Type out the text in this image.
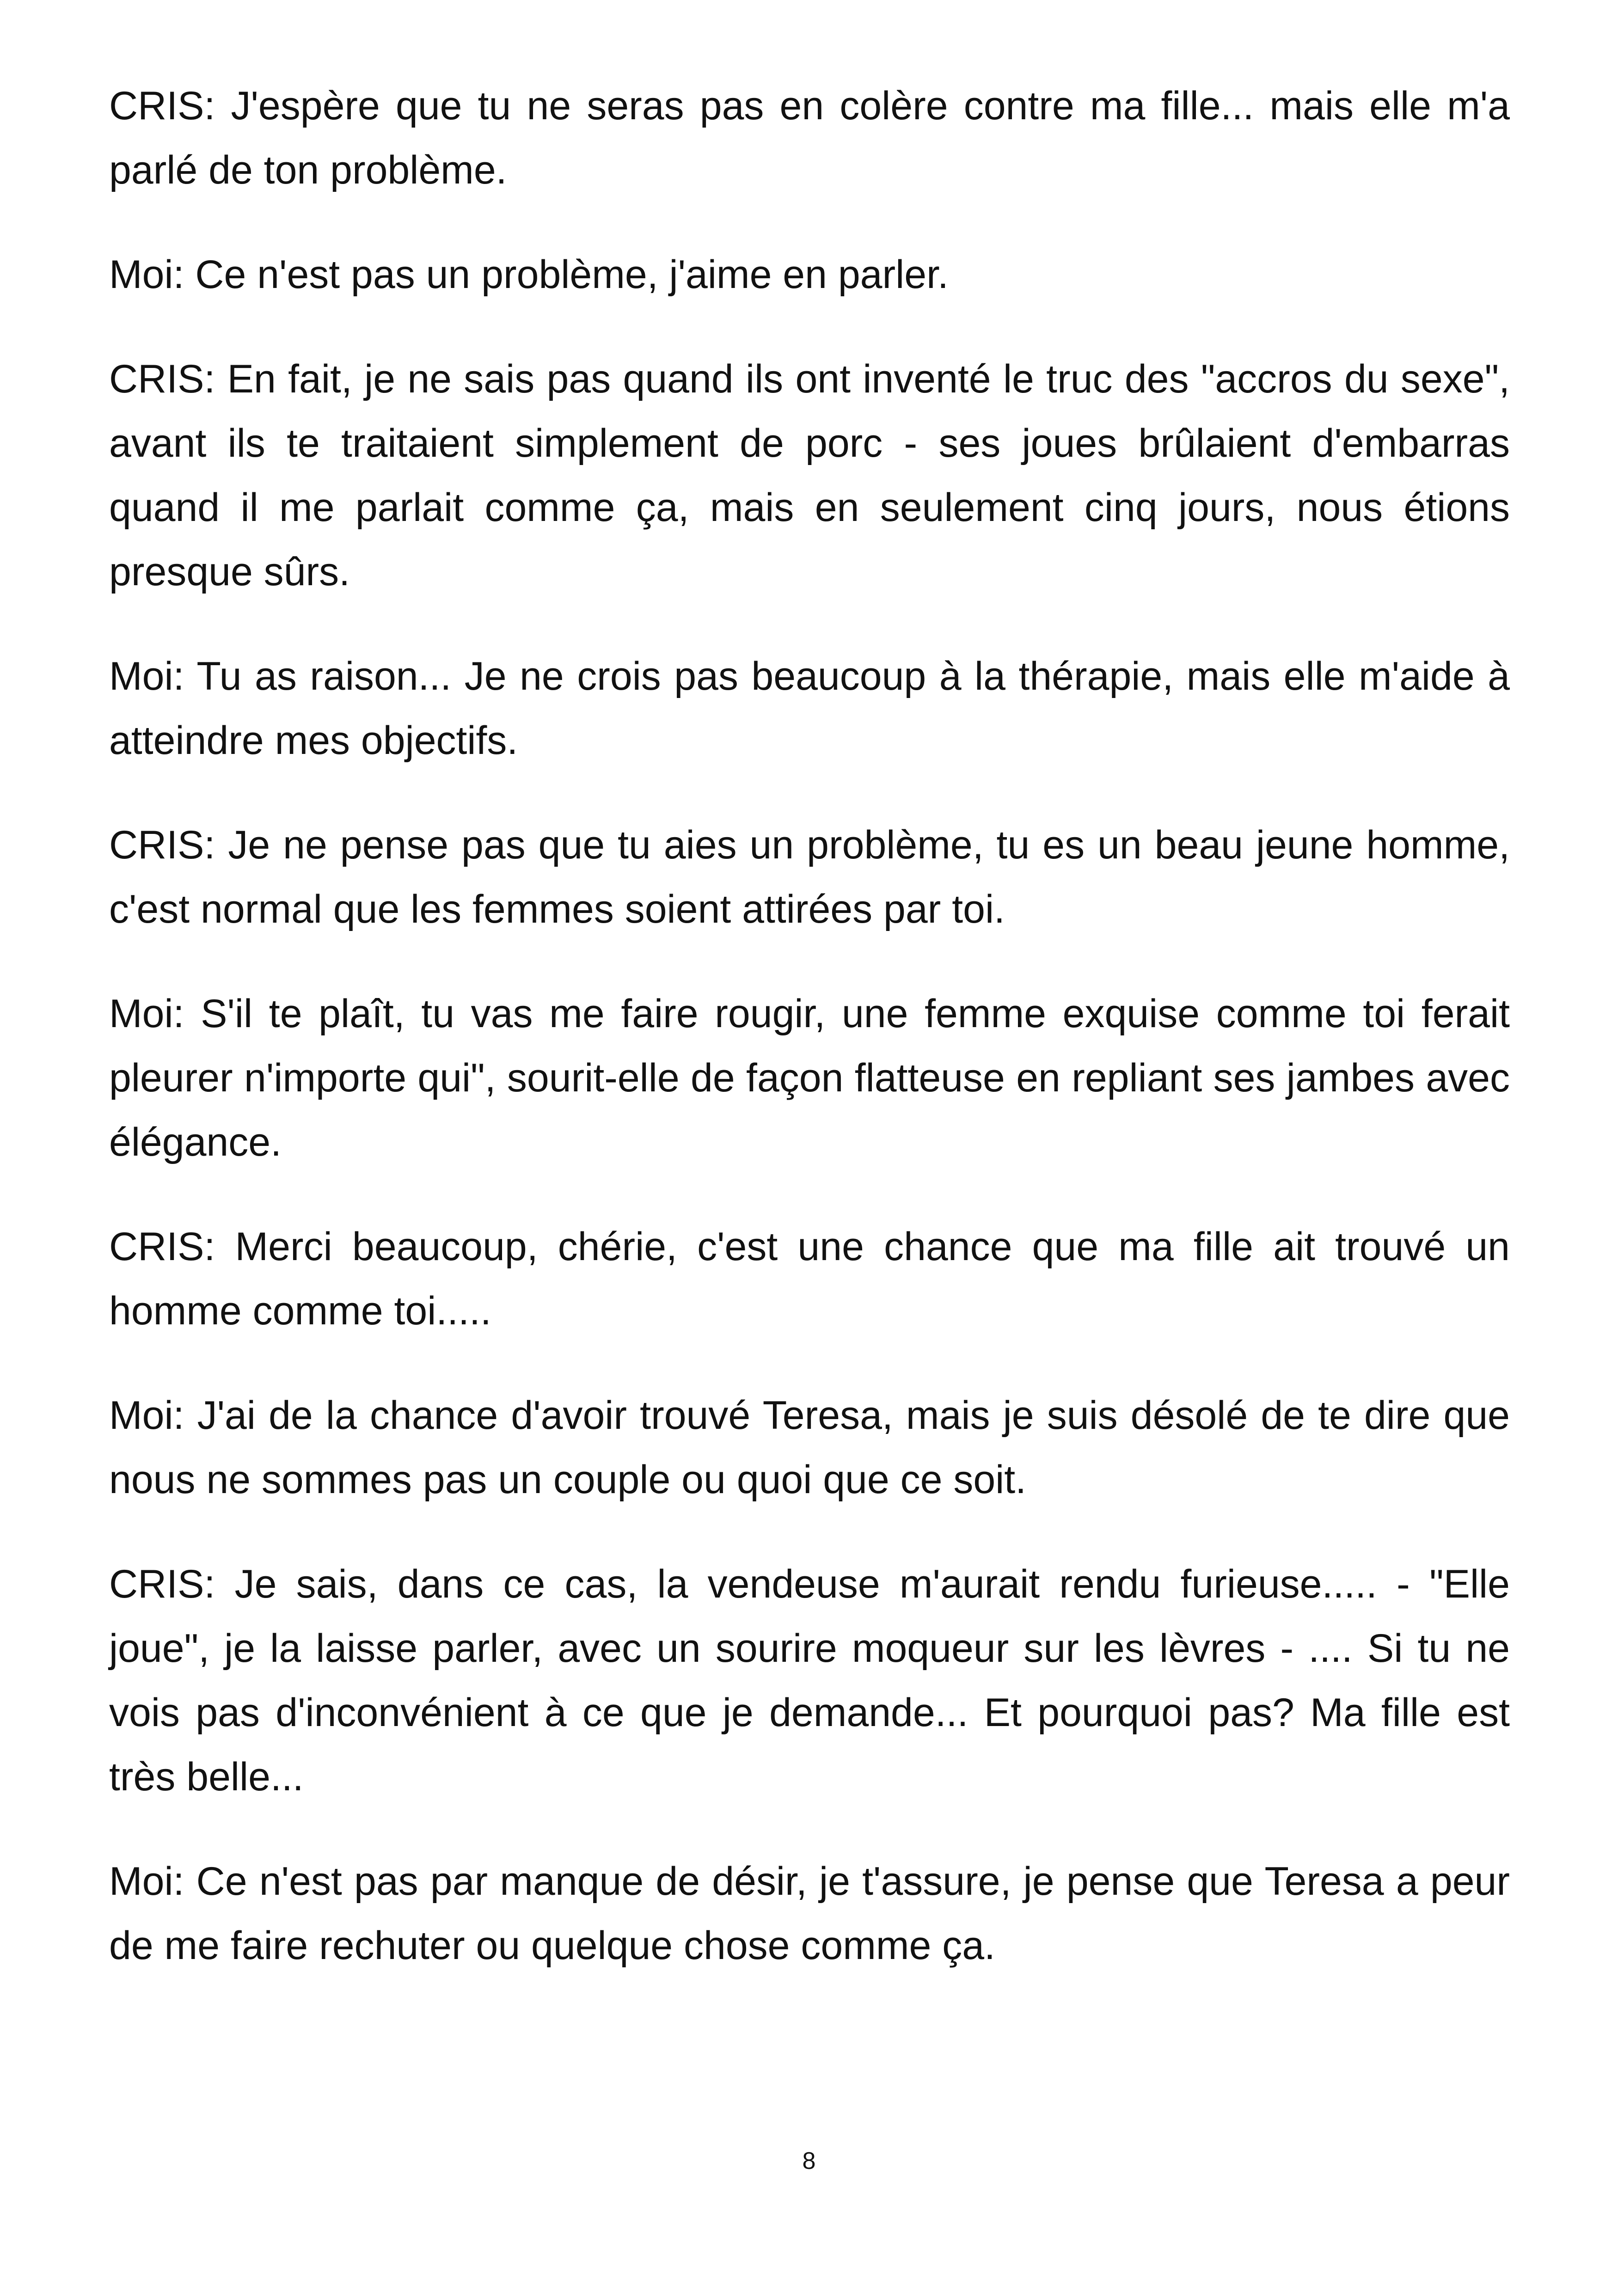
CRIS: J'espère que tu ne seras pas en colère contre ma fille... mais elle m'a parlé de ton problème.

Moi: Ce n'est pas un problème, j'aime en parler.

CRIS: En fait, je ne sais pas quand ils ont inventé le truc des "accros du sexe", avant ils te traitaient simplement de porc - ses joues brûlaient d'embarras quand il me parlait comme ça, mais en seulement cinq jours, nous étions presque sûrs.

Moi: Tu as raison... Je ne crois pas beaucoup à la thérapie, mais elle m'aide à atteindre mes objectifs.

CRIS: Je ne pense pas que tu aies un problème, tu es un beau jeune homme, c'est normal que les femmes soient attirées par toi.

Moi: S'il te plaît, tu vas me faire rougir, une femme exquise comme toi ferait pleurer n'importe qui", sourit-elle de façon flatteuse en repliant ses jambes avec élégance.

CRIS: Merci beaucoup, chérie, c'est une chance que ma fille ait trouvé un homme comme toi.....

Moi: J'ai de la chance d'avoir trouvé Teresa, mais je suis désolé de te dire que nous ne sommes pas un couple ou quoi que ce soit.

CRIS: Je sais, dans ce cas, la vendeuse m'aurait rendu furieuse..... - "Elle joue", je la laisse parler, avec un sourire moqueur sur les lèvres - .... Si tu ne vois pas d'inconvénient à ce que je demande... Et pourquoi pas? Ma fille est très belle...

Moi: Ce n'est pas par manque de désir, je t'assure, je pense que Teresa a peur de me faire rechuter ou quelque chose comme ça.

8
